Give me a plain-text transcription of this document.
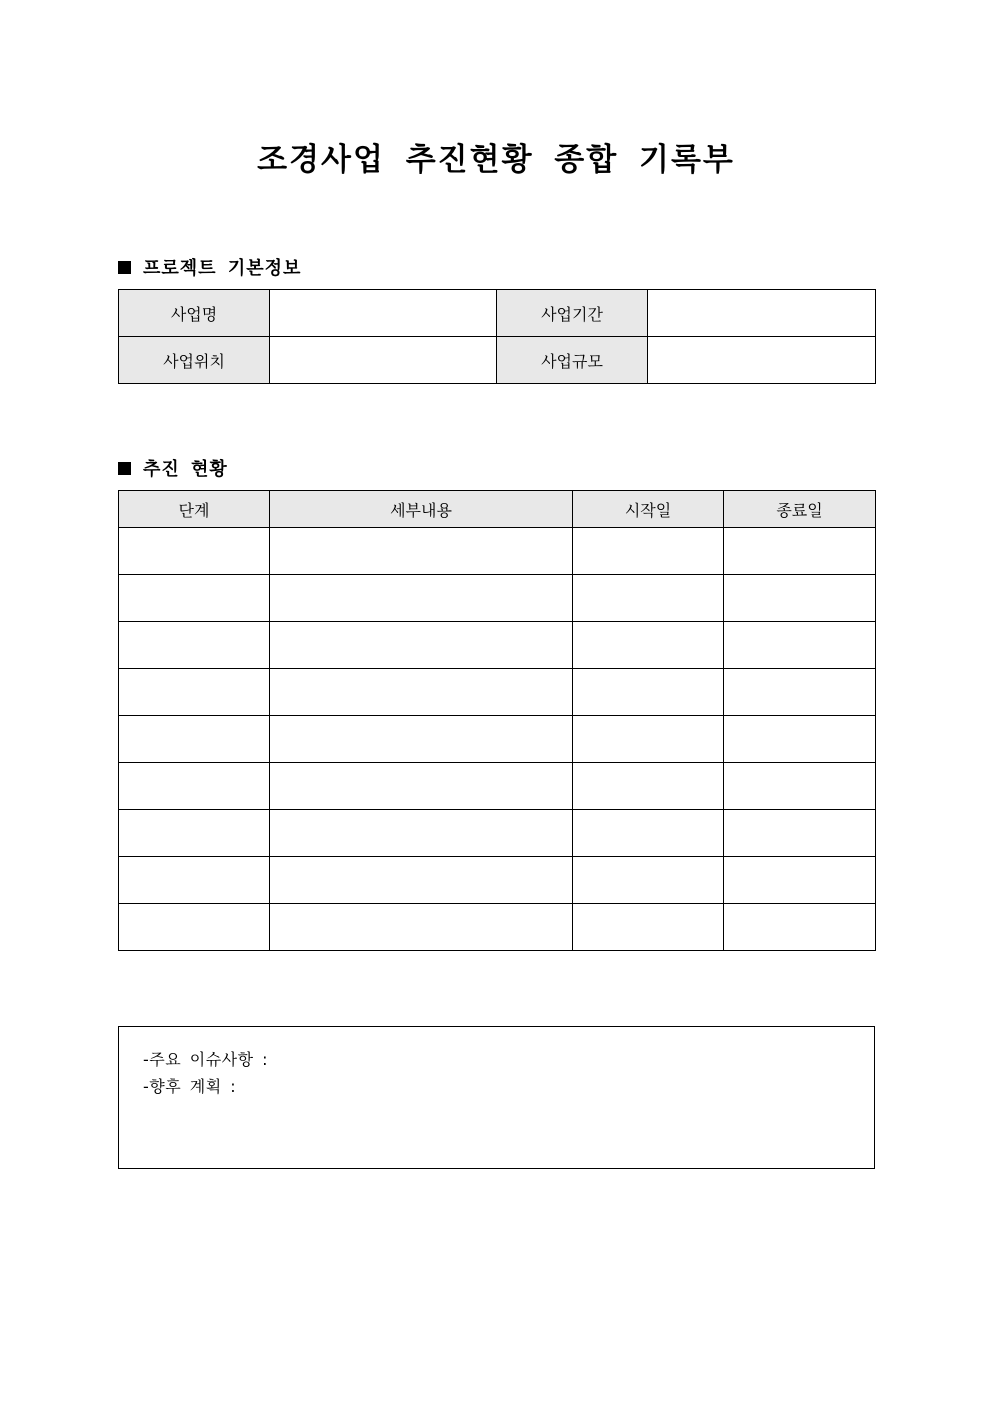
조경사업 추진현황 종합 기록부
프로젝트 기본정보
사업명		사업기간	
사업위치		사업규모	
추진 현황
단계	세부내용	시작일	종료일

-주요 이슈사항 :
-향후 계획 :
